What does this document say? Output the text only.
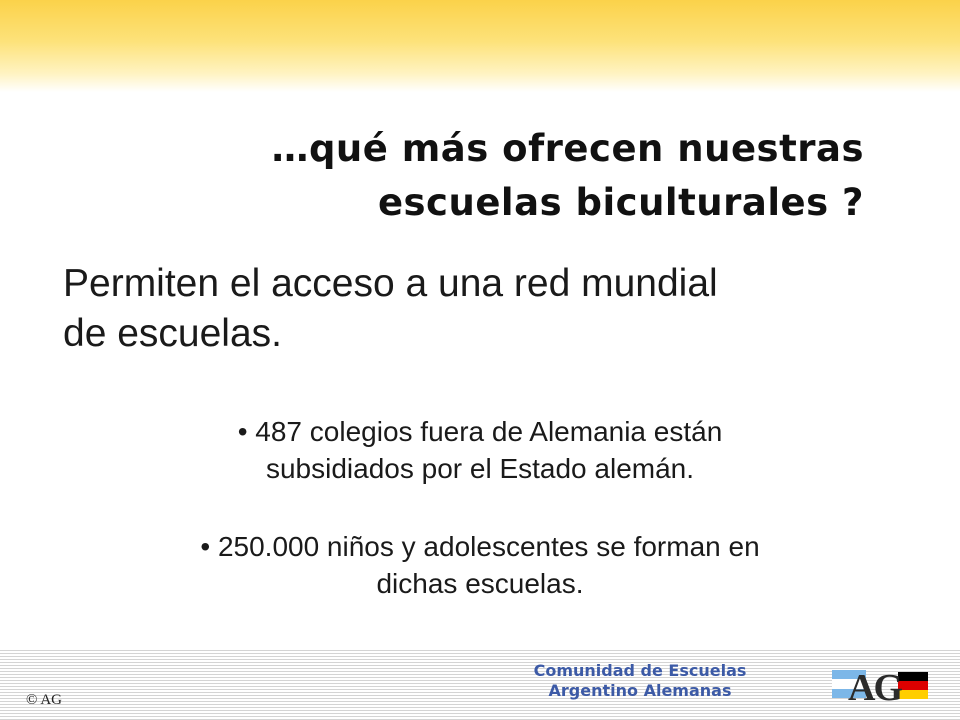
…qué más ofrecen nuestras
escuelas biculturales ?
Permiten el acceso a una red mundial
de escuelas.
• 487 colegios fuera de Alemania están
subsidiados por el Estado alemán.
• 250.000 niños y adolescentes se forman en
dichas escuelas.
© AG
Comunidad de Escuelas
Argentino Alemanas	AG
